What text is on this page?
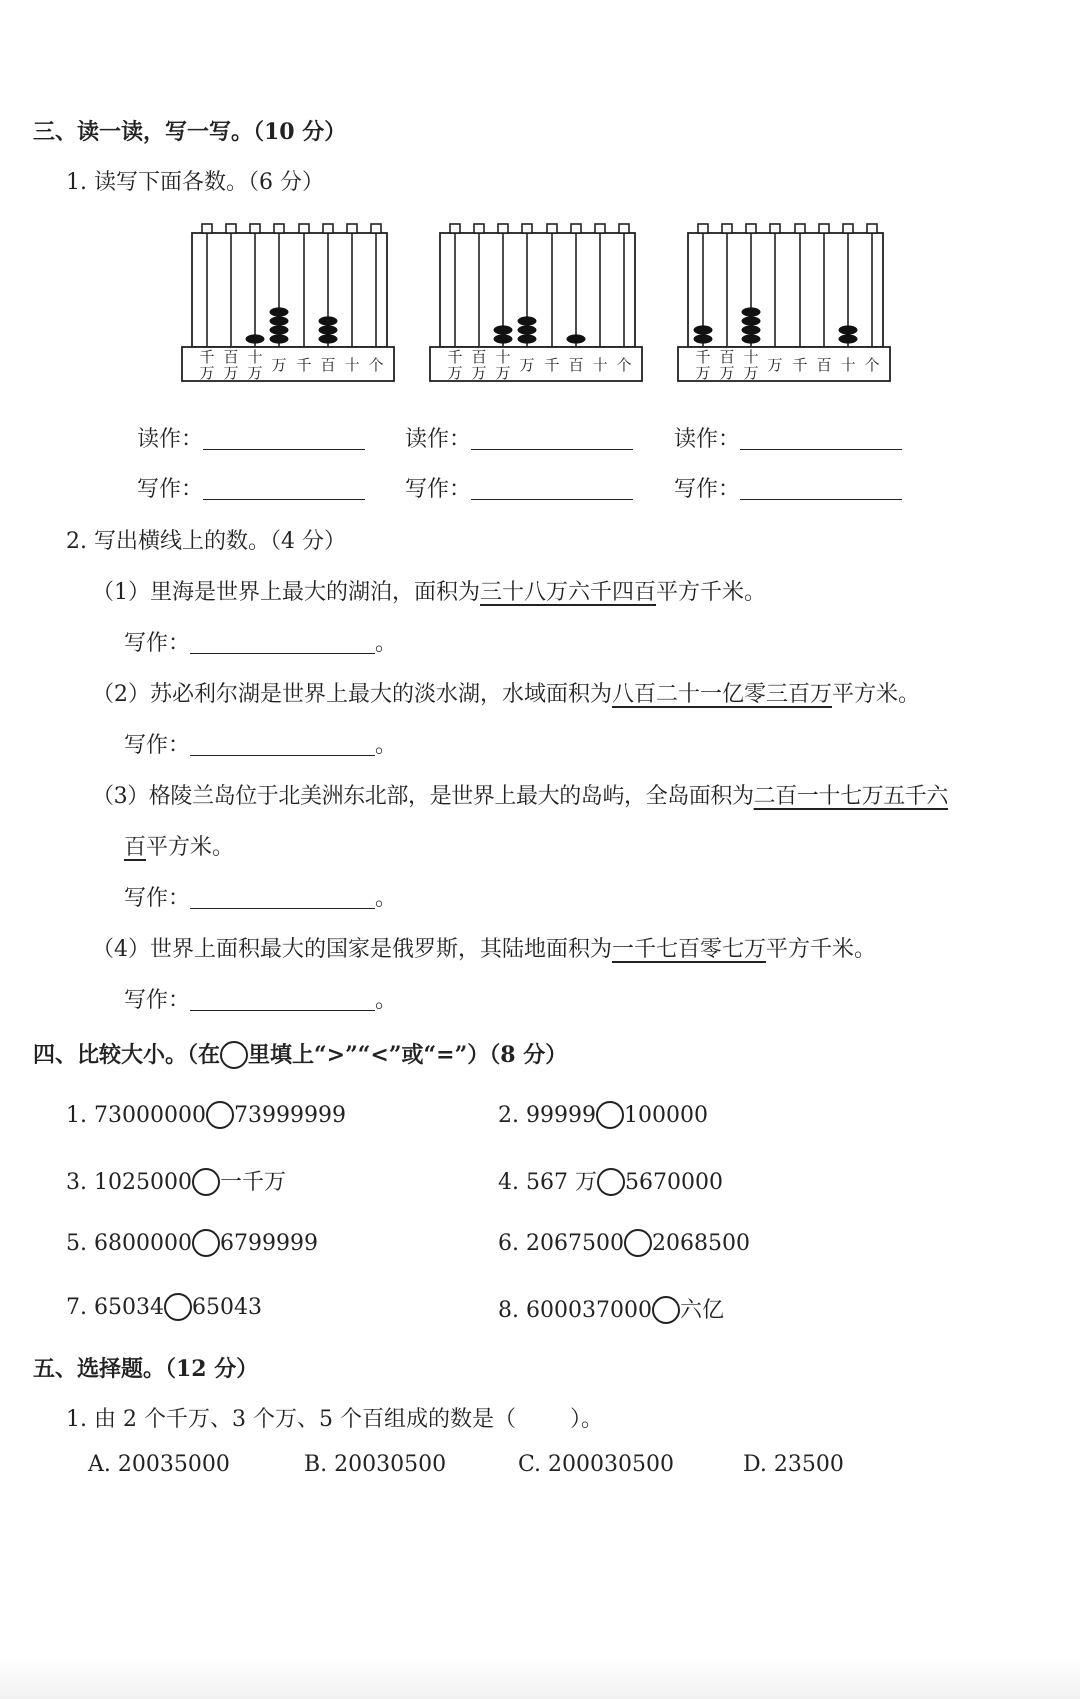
三、读一读，写一写。（10 分）
1. 读写下面各数。（6 分）
千
万
百
万
十
万 万 千 百 十 个	千
万
百
万
十
万 万 千 百 十 个	千
万
百
万
十
万 万 千 百 十 个
读作：
写作：
读作：
写作：
读作：
写作：
2. 写出横线上的数。（4 分）
（1）里海是世界上最大的湖泊，面积为三十八万六千四百平方千米。
写作：	。
（2）苏必利尔湖是世界上最大的淡水湖，水域面积为八百二十一亿零三百万平方米。
写作：	。
（3）格陵兰岛位于北美洲东北部，是世界上最大的岛屿，全岛面积为二百一十七万五千六
百平方米。
写作：	。
（4）世界上面积最大的国家是俄罗斯，其陆地面积为一千七百零七万平方千米。
写作：	。
四、比较大小。（在 里填上“>”“<”或“=”）（8 分）
1. 73000000 73999999	2. 99999 100000
3. 1025000 一千万	4. 567 万 5670000
5. 6800000 6799999	6. 2067500 2068500
7. 65034 65043	8. 600037000 六亿
五、选择题。（12 分）
1. 由 2 个千万、3 个万、5 个百组成的数是（ ）。
A. 20035000	B. 20030500	C. 200030500	D. 23500
